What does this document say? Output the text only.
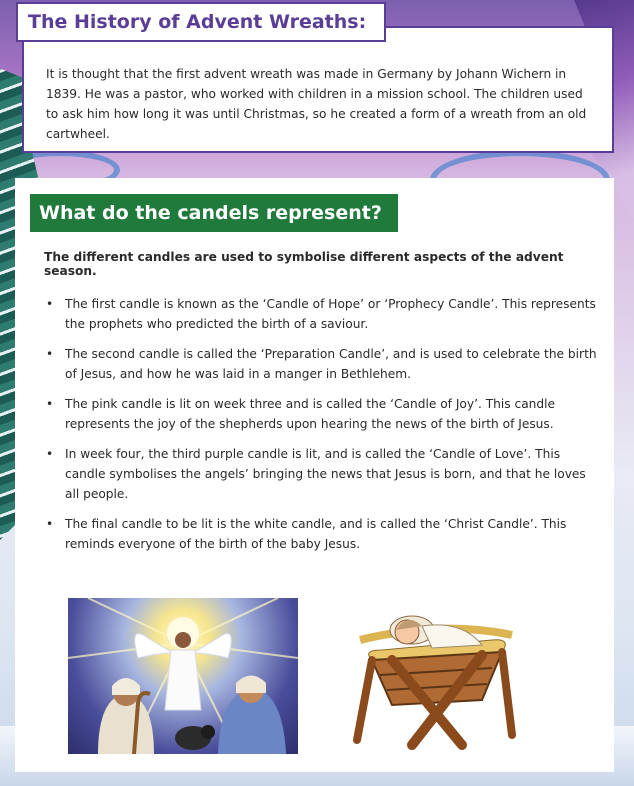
It is thought that the first advent wreath was made in Germany by Johann Wichern in 1839. He was a pastor, who worked with children in a mission school. The children used to ask him how long it was until Christmas, so he created a form of a wreath from an old cartwheel.

The History of Advent Wreaths:
What do the candels represent?

The different candles are used to symbolise different aspects of the advent season.

• The first candle is known as the ‘Candle of Hope’ or ‘Prophecy Candle’. This represents the prophets who predicted the birth of a saviour.
• The second candle is called the ‘Preparation Candle’, and is used to celebrate the birth of Jesus, and how he was laid in a manger in Bethlehem.
• The pink candle is lit on week three and is called the ‘Candle of Joy’. This candle represents the joy of the shepherds upon hearing the news of the birth of Jesus.
• In week four, the third purple candle is lit, and is called the ‘Candle of Love’. This candle symbolises the angels’ bringing the news that Jesus is born, and that he loves all people.
• The final candle to be lit is the white candle, and is called the ‘Christ Candle’. This reminds everyone of the birth of the baby Jesus.
